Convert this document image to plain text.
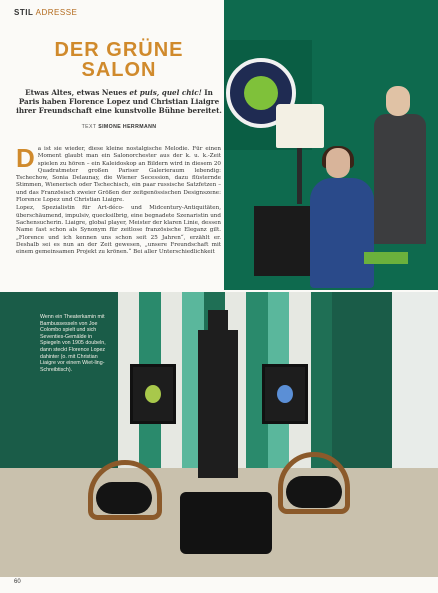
STIL ADRESSE
DER GRÜNE
SALON
Etwas Altes, etwas Neues et puis, quel chic! In Paris haben Florence Lopez und Christian Liaigre ihrer Freundschaft eine kunstvolle Bühne bereitet.
TEXT SIMONE HERRMANN

Da ist sie wieder, diese kleine nostalgische Melodie. Für einen Moment glaubt man ein Salonorchester aus der k. u. k.-Zeit spielen zu hören – ein Kaleidoskop an Bildern wird in diesem 20 Quadratmeter großen Pariser Galerieraum lebendig: Tschechow, Sonia Delaunay, die Wiener Secession, dazu flüsternde Stimmen, Wienerisch oder Tschechisch, ein paar russische Satzfetzen – und das Französisch zweier Größen der zeitgenössischen Designszene: Florence Lopez und Christian Liaigre.

Lopez, Spezialistin für Art-déco- und Midcentury-Antiquitäten, überschäumend, impulsiv, quecksilbrig, eine begnadete Szenaristin und Sachensucherin. Liaigre, global player, Meister der klaren Linie, dessen Name fast schon als Synonym für zeitlose französische Eleganz gilt. „Florence und ich kennen uns schon seit 25 Jahren“, erzählt er. Deshalb sei es nun an der Zeit gewesen, „unsere Freundschaft mit einem gemeinsamen Projekt zu krönen.“ Bei aller Unterschiedlichkeit

Wenn ein Theaterkamin mit Bambussesseln von Joe Colombo spielt und sich Seventies-Gemälde in Spiegeln von 1905 doubeln, dann steckt Florence Lopez dahinter (o. mit Christian Liaigre vor einem Wiet-ling-Schreibtisch).
60
